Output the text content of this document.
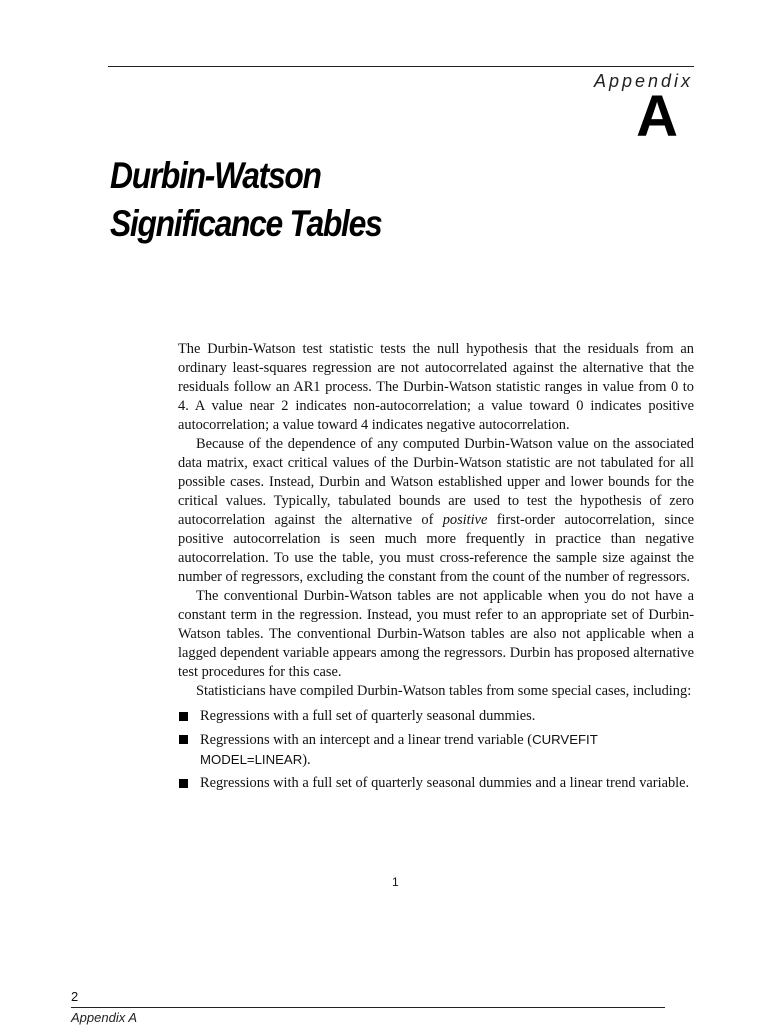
Appendix
A
Durbin-Watson
Significance Tables

The Durbin-Watson test statistic tests the null hypothesis that the residuals from an ordinary least-squares regression are not autocorrelated against the alternative that the residuals follow an AR1 process. The Durbin-Watson statistic ranges in value from 0 to 4. A value near 2 indicates non-autocorrelation; a value toward 0 indicates positive autocorrelation; a value toward 4 indicates negative autocorrelation.

Because of the dependence of any computed Durbin-Watson value on the associated data matrix, exact critical values of the Durbin-Watson statistic are not tabulated for all possible cases. Instead, Durbin and Watson established upper and lower bounds for the critical values. Typically, tabulated bounds are used to test the hypothesis of zero autocorrelation against the alternative of positive first-order autocorrelation, since positive autocorrelation is seen much more frequently in practice than negative autocorrelation. To use the table, you must cross-reference the sample size against the number of regressors, excluding the constant from the count of the number of regressors.

The conventional Durbin-Watson tables are not applicable when you do not have a constant term in the regression. Instead, you must refer to an appropriate set of Durbin-Watson tables. The conventional Durbin-Watson tables are also not applicable when a lagged dependent variable appears among the regressors. Durbin has proposed alternative test procedures for this case.

Statisticians have compiled Durbin-Watson tables from some special cases, including:

Regressions with a full set of quarterly seasonal dummies.
Regressions with an intercept and a linear trend variable (CURVEFIT MODEL=LINEAR).
Regressions with a full set of quarterly seasonal dummies and a linear trend variable.
1
2
Appendix A
